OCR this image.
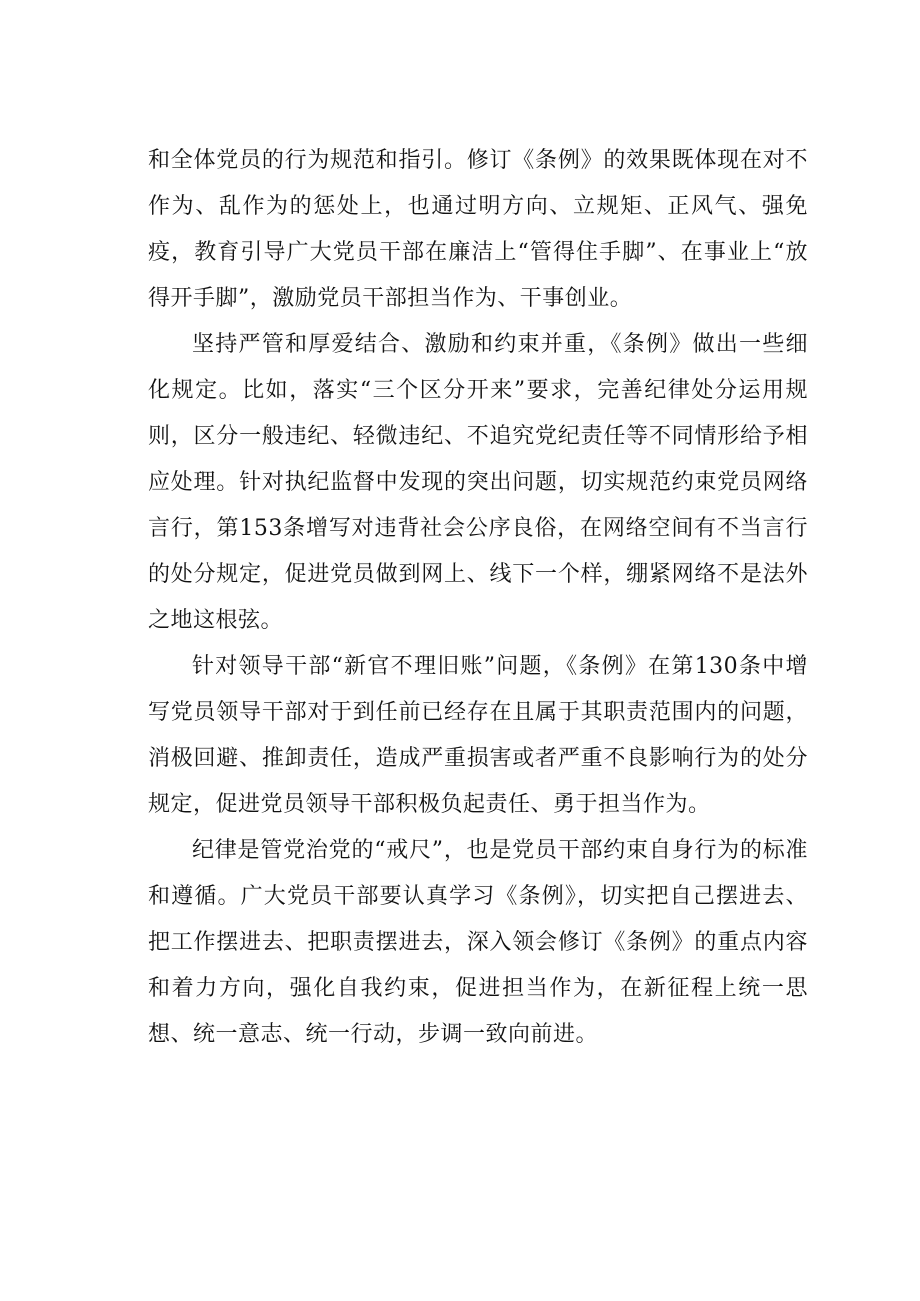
和全体党员的行为规范和指引。修订《条例》的效果既体现在对不作为、乱作为的惩处上，也通过明方向、立规矩、正风气、强免疫，教育引导广大党员干部在廉洁上“管得住手脚”、在事业上“放得开手脚”，激励党员干部担当作为、干事创业。

坚持严管和厚爱结合、激励和约束并重，《条例》做出一些细化规定。比如，落实“三个区分开来”要求，完善纪律处分运用规则，区分一般违纪、轻微违纪、不追究党纪责任等不同情形给予相应处理。针对执纪监督中发现的突出问题，切实规范约束党员网络言行，第153条增写对违背社会公序良俗，在网络空间有不当言行的处分规定，促进党员做到网上、线下一个样，绷紧网络不是法外之地这根弦。

针对领导干部“新官不理旧账”问题，《条例》在第130条中增写党员领导干部对于到任前已经存在且属于其职责范围内的问题，消极回避、推卸责任，造成严重损害或者严重不良影响行为的处分规定，促进党员领导干部积极负起责任、勇于担当作为。

纪律是管党治党的“戒尺”，也是党员干部约束自身行为的标准和遵循。广大党员干部要认真学习《条例》，切实把自己摆进去、把工作摆进去、把职责摆进去，深入领会修订《条例》的重点内容和着力方向，强化自我约束，促进担当作为，在新征程上统一思想、统一意志、统一行动，步调一致向前进。
